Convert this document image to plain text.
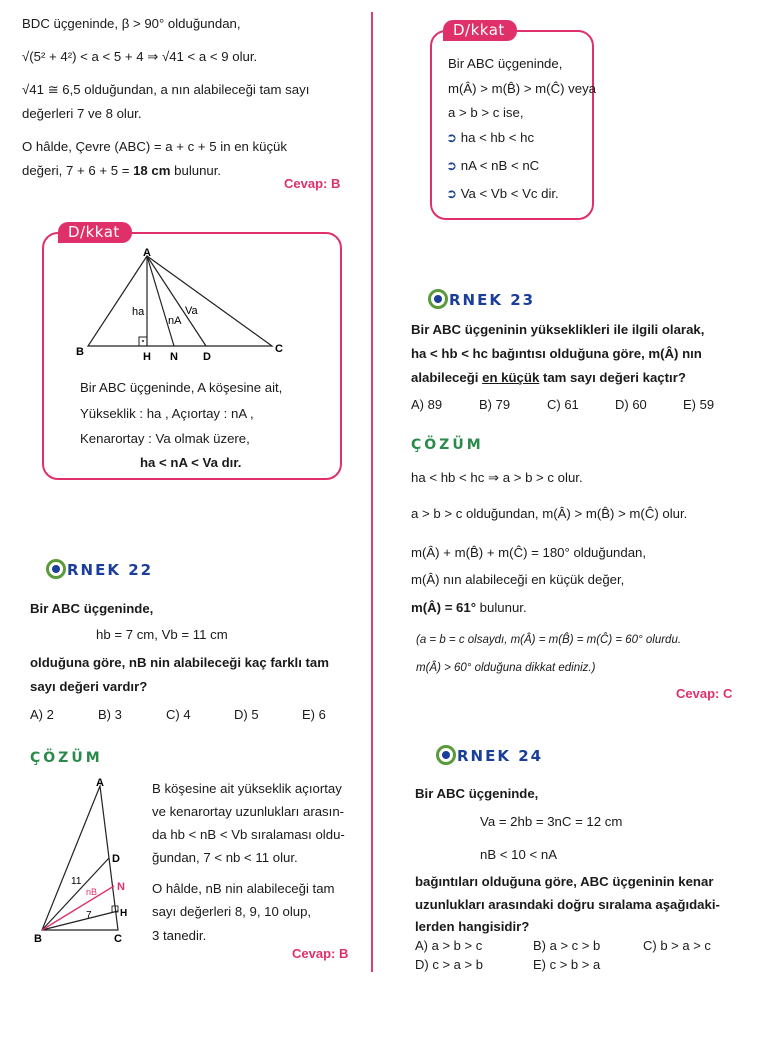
BDC üçgeninde, β > 90° olduğundan,
√(5² + 4²) < a < 5 + 4 ⇒ √41 < a < 9 olur.
√41 ≅ 6,5 olduğundan, a nın alabileceği tam sayı
değerleri 7 ve 8 olur.
O hâlde, Çevre (ABC) = a + c + 5 in en küçük
değeri, 7 + 6 + 5 = 18 cm bulunur.
Cevap: B
D/kkat
A
B	C
H N D
ha
nA
Va
Bir ABC üçgeninde, A köşesine ait,
Yükseklik : ha , Açıortay : nA ,
Kenarortay : Va olmak üzere,
ha < nA < Va dır.
RNEK 22
Bir ABC üçgeninde,
hb = 7 cm, Vb = 11 cm
olduğuna göre, nB nin alabileceği kaç farklı tam
sayı değeri vardır?
A) 2	B) 3	C) 4	D) 5	E) 6
ÇÖZÜM
A
B	C
D
N
H
11
7
nB
B köşesine ait yükseklik açıortay
ve kenarortay uzunlukları arasın-
da hb < nB < Vb sıralaması oldu-
ğundan, 7 < nb < 11 olur.
O hâlde, nB nin alabileceği tam
sayı değerleri 8, 9, 10 olup,
3 tanedir.
Cevap: B
D/kkat
Bir ABC üçgeninde,
m(Â) > m(B̂) > m(Ĉ) veya
a > b > c ise,
➲ ha < hb < hc
➲ nA < nB < nC
➲ Va < Vb < Vc dir.
RNEK 23
Bir ABC üçgeninin yükseklikleri ile ilgili olarak,
ha < hb < hc bağıntısı olduğuna göre, m(Â) nın
alabileceği en küçük tam sayı değeri kaçtır?
A) 89	B) 79	C) 61	D) 60	E) 59
ÇÖZÜM
ha < hb < hc ⇒ a > b > c olur.
a > b > c olduğundan, m(Â) > m(B̂) > m(Ĉ) olur.
m(Â) + m(B̂) + m(Ĉ) = 180° olduğundan,
m(Â) nın alabileceği en küçük değer,
m(Â) = 61° bulunur.
(a = b = c olsaydı, m(Â) = m(B̂) = m(Ĉ) = 60° olurdu.
m(Â) > 60° olduğuna dikkat ediniz.)
Cevap: C
RNEK 24
Bir ABC üçgeninde,
Va = 2hb = 3nC = 12 cm
nB < 10 < nA
bağıntıları olduğuna göre, ABC üçgeninin kenar
uzunlukları arasındaki doğru sıralama aşağıdaki-
lerden hangisidir?
A) a > b > c	B) a > c > b	C) b > a > c
D) c > a > b	E) c > b > a
